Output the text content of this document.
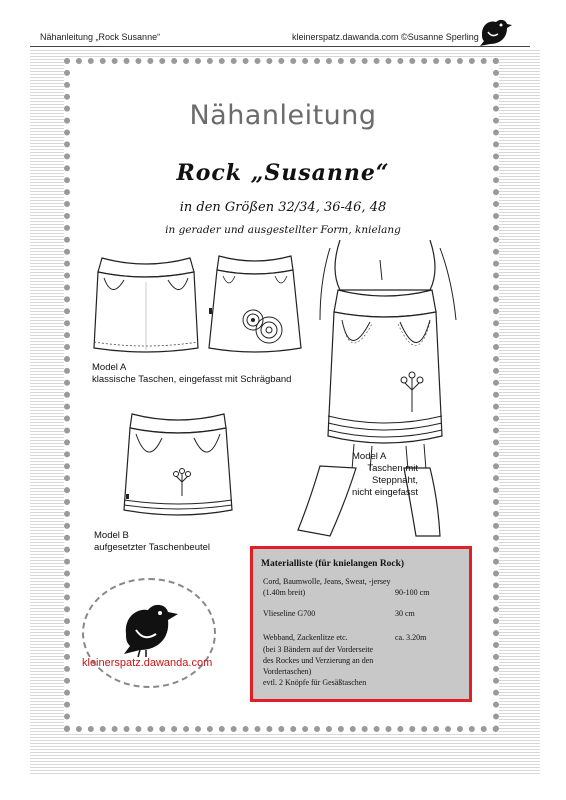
Nähanleitung „Rock Susanne“	kleinerspatz.dawanda.com ©Susanne Sperling
Nähanleitung
Rock „Susanne“
in den Größen 32/34, 36-46, 48
in gerader und ausgestellter Form, knielang
Model A
klassische Taschen, eingefasst mit Schrägband
Model A
Taschen mit
Steppnaht,
nicht eingefasst
Model B
aufgesetzter Taschenbeutel
kleinerspatz.dawanda.com
Materialliste (für knielangen Rock)
Cord, Baumwolle, Jeans, Sweat, -jersey
(1.40m breit)	90-100 cm
Vlieseline G700	30 cm
Webband, Zackenlitze etc.	ca. 3.20m
(bei 3 Bändern auf der Vorderseite
des Rockes und Verzierung an den
Vordertaschen)
evtl. 2 Knöpfe für Gesäßtaschen
